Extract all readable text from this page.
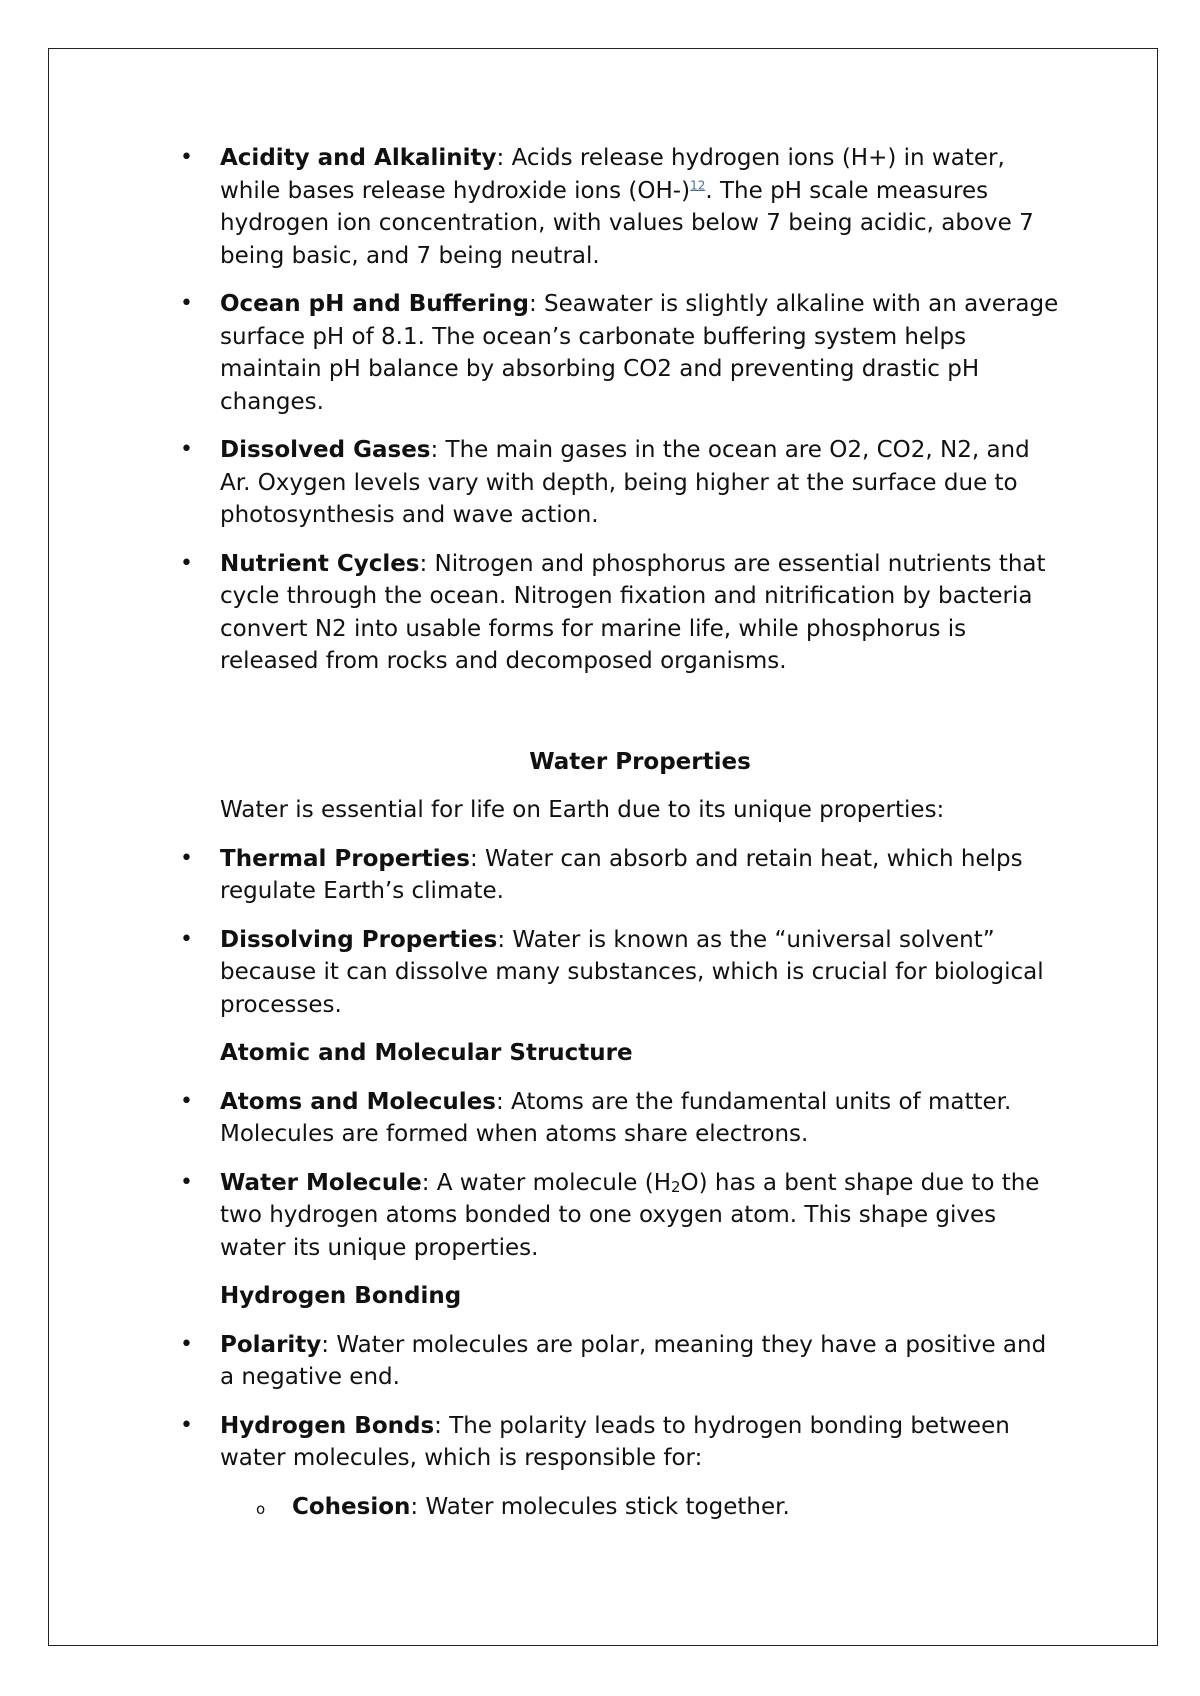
• Acidity and Alkalinity: Acids release hydrogen ions (H+) in water, while bases release hydroxide ions (OH-)$^{12}$. The pH scale measures hydrogen ion concentration, with values below 7 being acidic, above 7 being basic, and 7 being neutral.
• Ocean pH and Buffering: Seawater is slightly alkaline with an average surface pH of 8.1. The ocean’s carbonate buffering system helps maintain pH balance by absorbing CO2 and preventing drastic pH changes.
• Dissolved Gases: The main gases in the ocean are O2, CO2, N2, and Ar. Oxygen levels vary with depth, being higher at the surface due to photosynthesis and wave action.
• Nutrient Cycles: Nitrogen and phosphorus are essential nutrients that cycle through the ocean. Nitrogen fixation and nitrification by bacteria convert N2 into usable forms for marine life, while phosphorus is released from rocks and decomposed organisms.
Water Properties
Water is essential for life on Earth due to its unique properties:
• Thermal Properties: Water can absorb and retain heat, which helps regulate Earth’s climate.
• Dissolving Properties: Water is known as the “universal solvent” because it can dissolve many substances, which is crucial for biological processes.
Atomic and Molecular Structure
• Atoms and Molecules: Atoms are the fundamental units of matter. Molecules are formed when atoms share electrons.
• Water Molecule: A water molecule (H2O) has a bent shape due to the two hydrogen atoms bonded to one oxygen atom. This shape gives water its unique properties.
Hydrogen Bonding
• Polarity: Water molecules are polar, meaning they have a positive and a negative end.
• Hydrogen Bonds: The polarity leads to hydrogen bonding between water molecules, which is responsible for:
o Cohesion: Water molecules stick together.
